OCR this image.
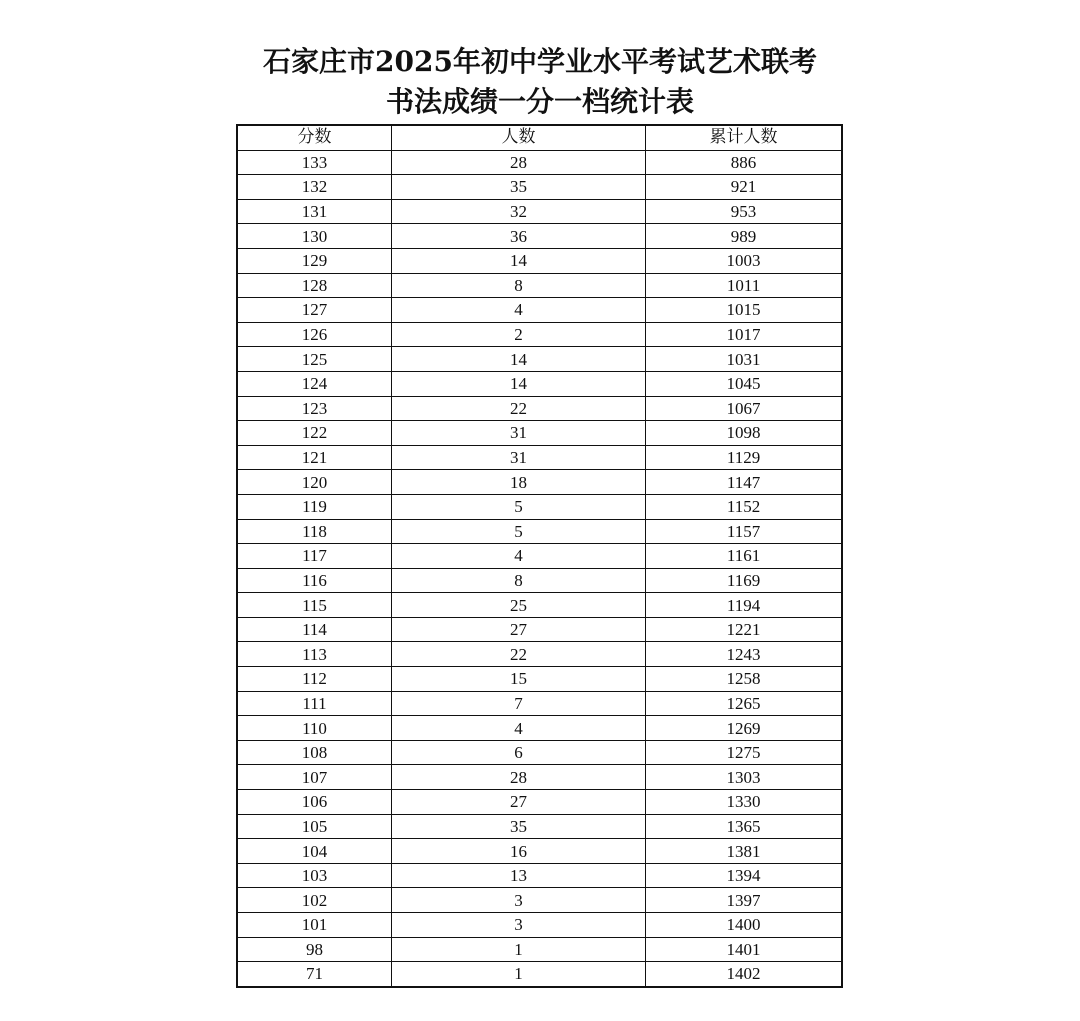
石家庄市2025年初中学业水平考试艺术联考
书法成绩一分一档统计表
分数	人数	累计人数
133	28	886
132	35	921
131	32	953
130	36	989
129	14	1003
128	8	1011
127	4	1015
126	2	1017
125	14	1031
124	14	1045
123	22	1067
122	31	1098
121	31	1129
120	18	1147
119	5	1152
118	5	1157
117	4	1161
116	8	1169
115	25	1194
114	27	1221
113	22	1243
112	15	1258
111	7	1265
110	4	1269
108	6	1275
107	28	1303
106	27	1330
105	35	1365
104	16	1381
103	13	1394
102	3	1397
101	3	1400
98	1	1401
71	1	1402
